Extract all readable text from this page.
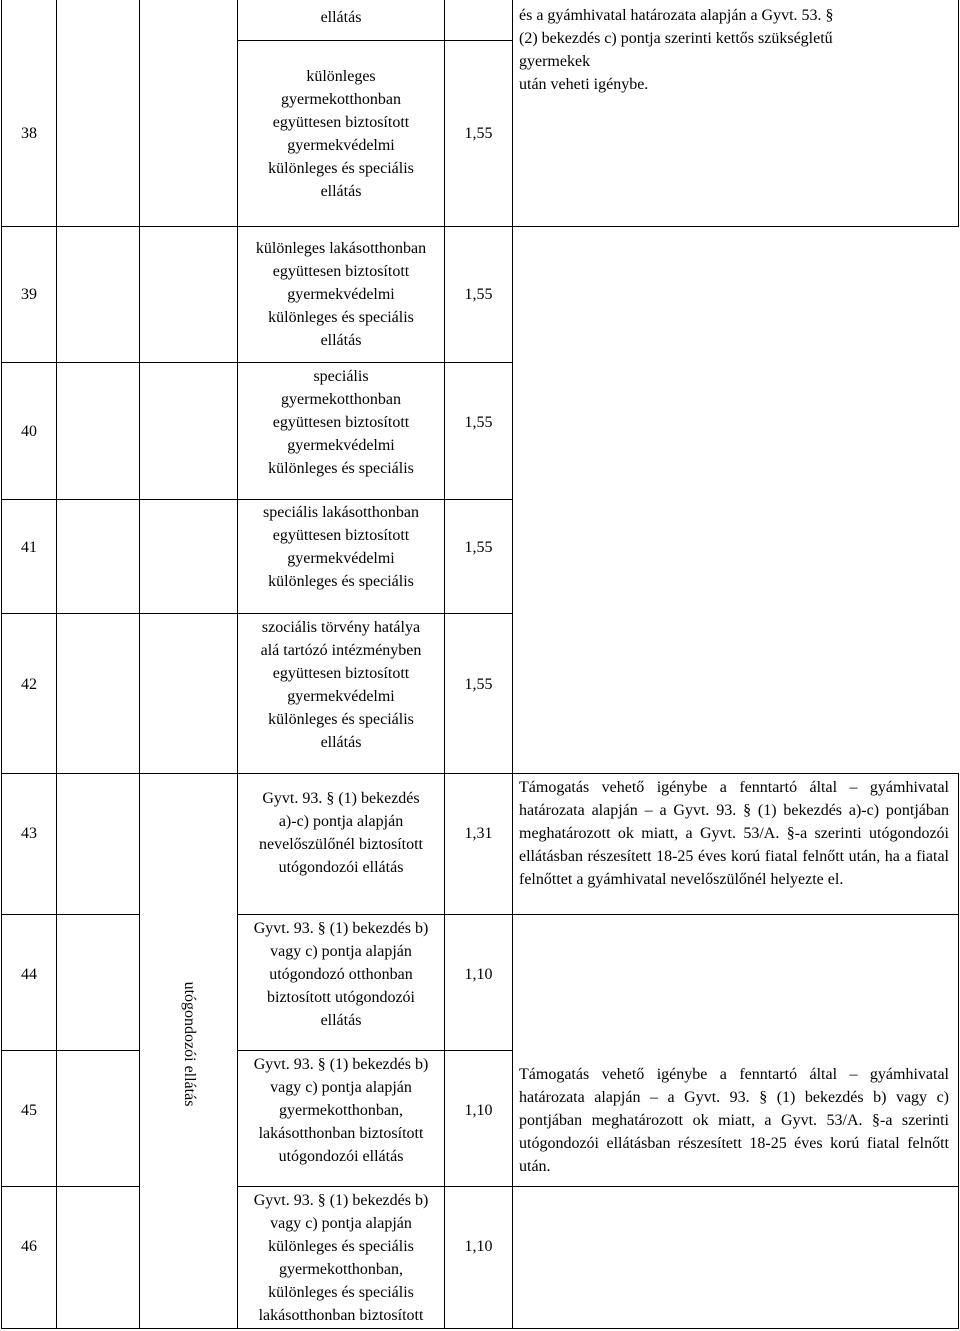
ellátás
38
különleges
gyermekotthonban
együttesen biztosított
gyermekvédelmi
különleges és speciális
ellátás
1,55
39
különleges lakásotthonban
együttesen biztosított
gyermekvédelmi
különleges és speciális
ellátás
1,55
40
speciális
gyermekotthonban
együttesen biztosított
gyermekvédelmi
különleges és speciális
1,55
41
speciális lakásotthonban
együttesen biztosított
gyermekvédelmi
különleges és speciális
1,55
42
szociális törvény hatálya
alá tartózó intézményben
együttesen biztosított
gyermekvédelmi
különleges és speciális
ellátás
1,55
43
Gyvt. 93. § (1) bekezdés
a)-c) pontja alapján
nevelőszülőnél biztosított
utógondozói ellátás
1,31
44
Gyvt. 93. § (1) bekezdés b)
vagy c) pontja alapján
utógondozó otthonban
biztosított utógondozói
ellátás
1,10
45
Gyvt. 93. § (1) bekezdés b)
vagy c) pontja alapján
gyermekotthonban,
lakásotthonban biztosított
utógondozói ellátás
1,10
46
Gyvt. 93. § (1) bekezdés b)
vagy c) pontja alapján
különleges és speciális
gyermekotthonban,
különleges és speciális
lakásotthonban biztosított
1,10
utógondozói ellátás
és a gyámhivatal határozata alapján a Gyvt. 53. §
(2) bekezdés c) pontja szerinti kettős szükségletű
gyermekek
után veheti igénybe.
Támogatás vehető igénybe a fenntartó által – gyámhivatal határozata alapján – a Gyvt. 93. § (1) bekezdés a)-c) pontjában meghatározott ok miatt, a Gyvt. 53/A. §-a szerinti utógondozói ellátásban részesített 18-25 éves korú fiatal felnőtt után, ha a fiatal felnőttet a gyámhivatal nevelőszülőnél helyezte el.
Támogatás vehető igénybe a fenntartó által – gyámhivatal határozata alapján – a Gyvt. 93. § (1) bekezdés b) vagy c) pontjában meghatározott ok miatt, a Gyvt. 53/A. §-a szerinti utógondozói ellátásban részesített 18-25 éves korú fiatal felnőtt után.
